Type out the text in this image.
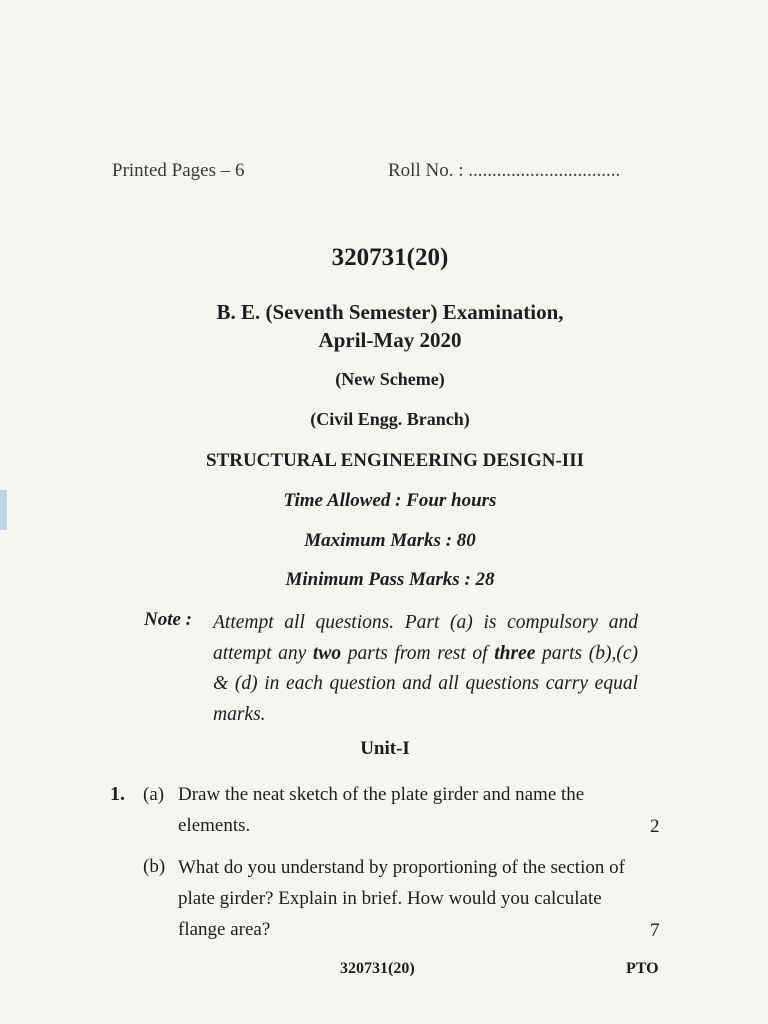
Printed Pages – 6	Roll No. : ................................
320731(20)
B. E. (Seventh Semester) Examination,
April-May 2020
(New Scheme)
(Civil Engg. Branch)
STRUCTURAL ENGINEERING DESIGN-III
Time Allowed : Four hours
Maximum Marks : 80
Minimum Pass Marks : 28
Note : Attempt all questions. Part (a) is compulsory and attempt any two parts from rest of three parts (b),(c) & (d) in each question and all questions carry equal marks.
Unit-I
1. (a) Draw the neat sketch of the plate girder and name the elements.	2
(b) What do you understand by proportioning of the section of plate girder? Explain in brief. How would you calculate flange area?	7
320731(20)	PTO
